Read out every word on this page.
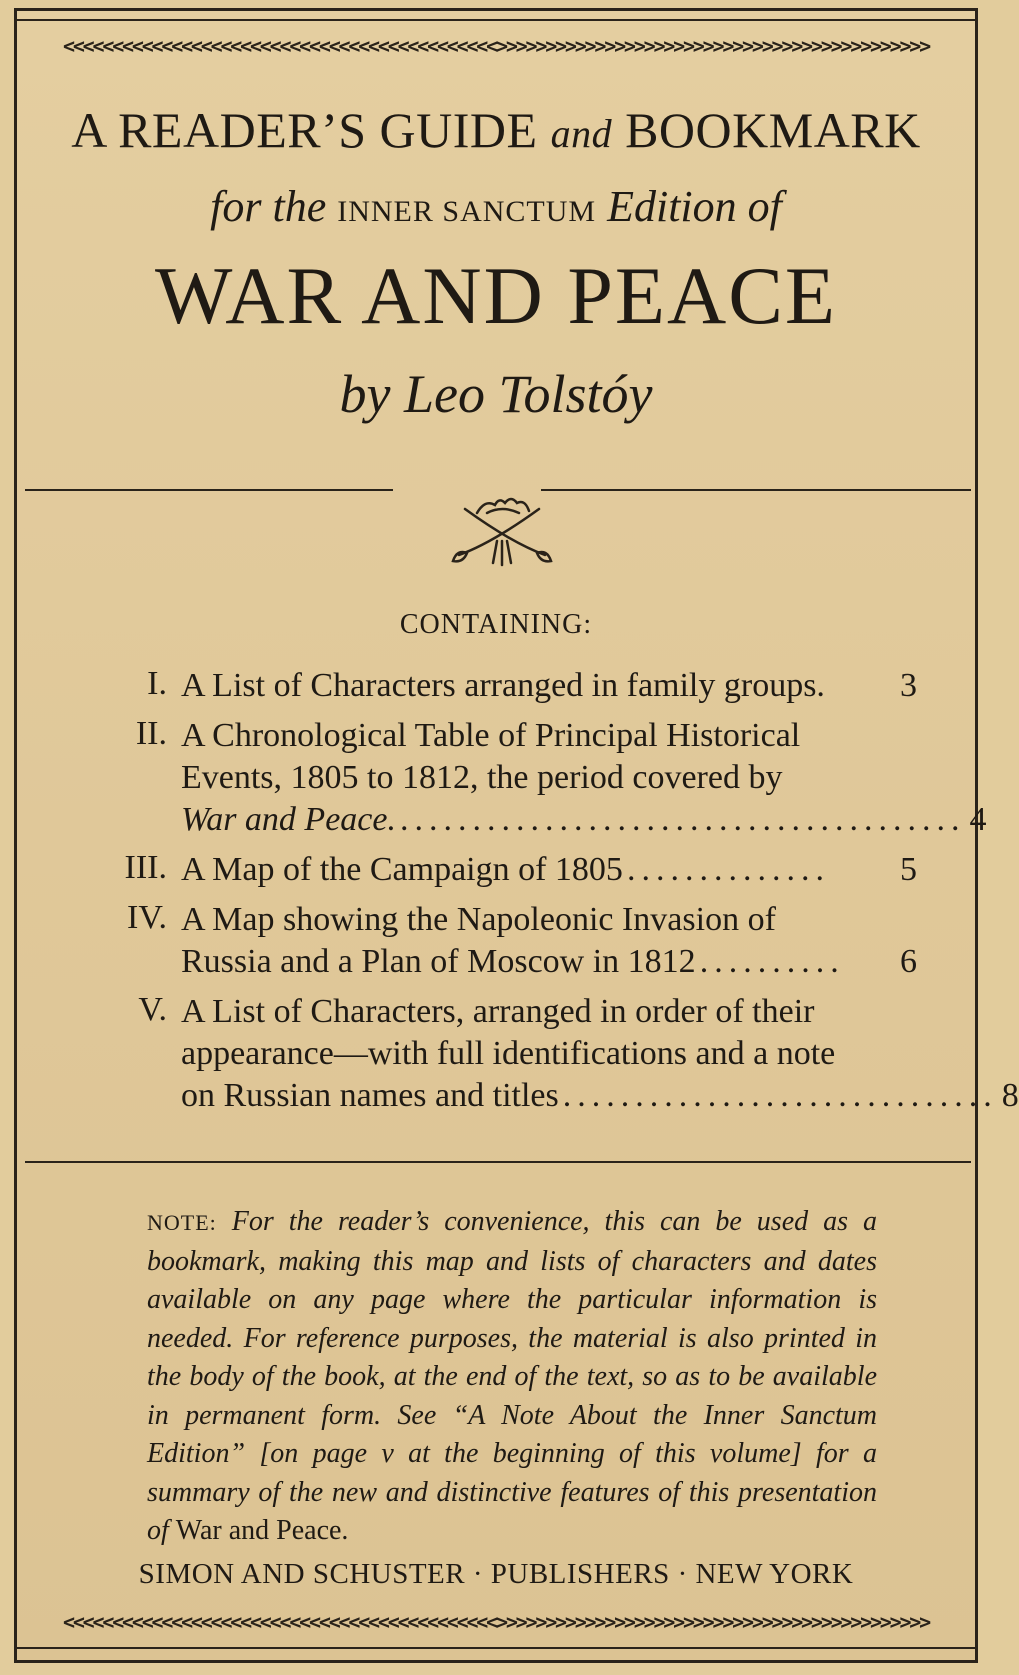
<<<<<<<<<<<<<<<<<<<<<<<<<<<<<<<<<<<<<<<<<<<<>>>>>>>>>>>>>>>>>>>>>>>>>>>>>>>>>>>>>>>>>>>>
A READER’S GUIDE and BOOKMARK
for the INNER SANCTUM Edition of
WAR AND PEACE
by Leo Tolstóy
CONTAINING:
I. A List of Characters arranged in family groups. 3
II. A Chronological Table of Principal Historical
Events, 1805 to 1812, the period covered by
War and Peace. ....................................... 4
III. A Map of the Campaign of 1805 ..............	5
IV. A Map showing the Napoleonic Invasion of
Russia and a Plan of Moscow in 1812 ..........	6
V. A List of Characters, arranged in order of their
appearance—with full identifications and a note
on Russian names and titles .............................. 8
NOTE: For the reader’s convenience, this can be used as a bookmark, making this map and lists of characters and dates available on any page where the particular information is needed. For reference purposes, the material is also printed in the body of the book, at the end of the text, so as to be available in permanent form. See “A Note About the Inner Sanctum Edition” [on page v at the beginning of this volume] for a summary of the new and distinctive features of this presentation of War and Peace.
SIMON AND SCHUSTER · PUBLISHERS · NEW YORK
<<<<<<<<<<<<<<<<<<<<<<<<<<<<<<<<<<<<<<<<<<<<>>>>>>>>>>>>>>>>>>>>>>>>>>>>>>>>>>>>>>>>>>>>
